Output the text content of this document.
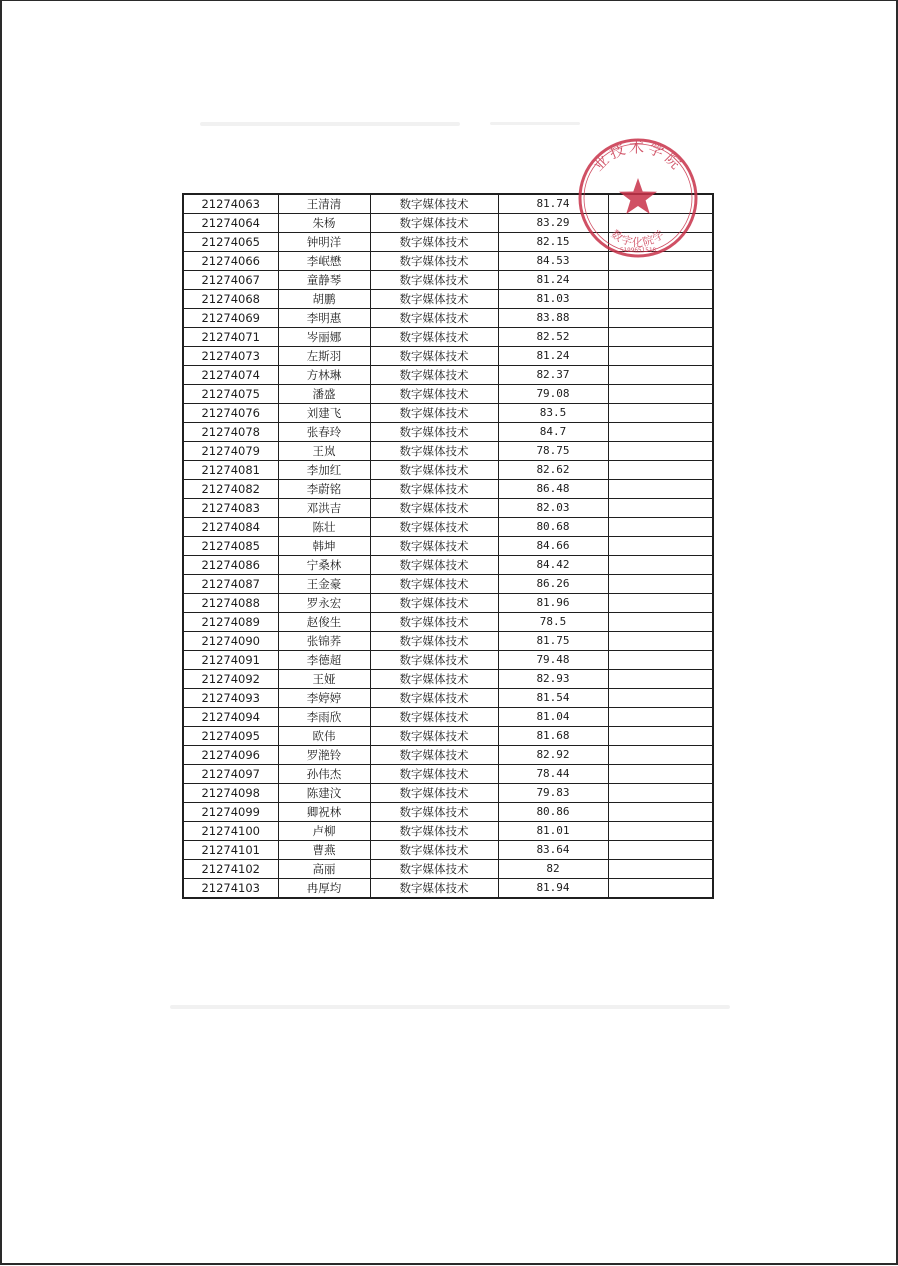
21274063	王清清	数字媒体技术	81.74	
21274064	朱杨	数字媒体技术	83.29	
21274065	钟明洋	数字媒体技术	82.15	
21274066	李岷懋	数字媒体技术	84.53	
21274067	童静琴	数字媒体技术	81.24	
21274068	胡鹏	数字媒体技术	81.03	
21274069	李明惠	数字媒体技术	83.88	
21274071	岑丽娜	数字媒体技术	82.52	
21274073	左斯羽	数字媒体技术	81.24	
21274074	方林琳	数字媒体技术	82.37	
21274075	潘盛	数字媒体技术	79.08	
21274076	刘建飞	数字媒体技术	83.5	
21274078	张春玲	数字媒体技术	84.7	
21274079	王岚	数字媒体技术	78.75	
21274081	李加红	数字媒体技术	82.62	
21274082	李蔚铭	数字媒体技术	86.48	
21274083	邓洪吉	数字媒体技术	82.03	
21274084	陈壮	数字媒体技术	80.68	
21274085	韩坤	数字媒体技术	84.66	
21274086	宁桑林	数字媒体技术	84.42	
21274087	王金豪	数字媒体技术	86.26	
21274088	罗永宏	数字媒体技术	81.96	
21274089	赵俊生	数字媒体技术	78.5	
21274090	张锦荞	数字媒体技术	81.75	
21274091	李德超	数字媒体技术	79.48	
21274092	王娅	数字媒体技术	82.93	
21274093	李婷婷	数字媒体技术	81.54	
21274094	李雨欣	数字媒体技术	81.04	
21274095	欧伟	数字媒体技术	81.68	
21274096	罗滟铃	数字媒体技术	82.92	
21274097	孙伟杰	数字媒体技术	78.44	
21274098	陈建汶	数字媒体技术	79.83	
21274099	卿祝林	数字媒体技术	80.86	
21274100	卢柳	数字媒体技术	81.01	
21274101	曹燕	数字媒体技术	83.64	
21274102	高丽	数字媒体技术	82	
21274103	冉厚均	数字媒体技术	81.94	
业技术学院
数字化院学
5199651518
